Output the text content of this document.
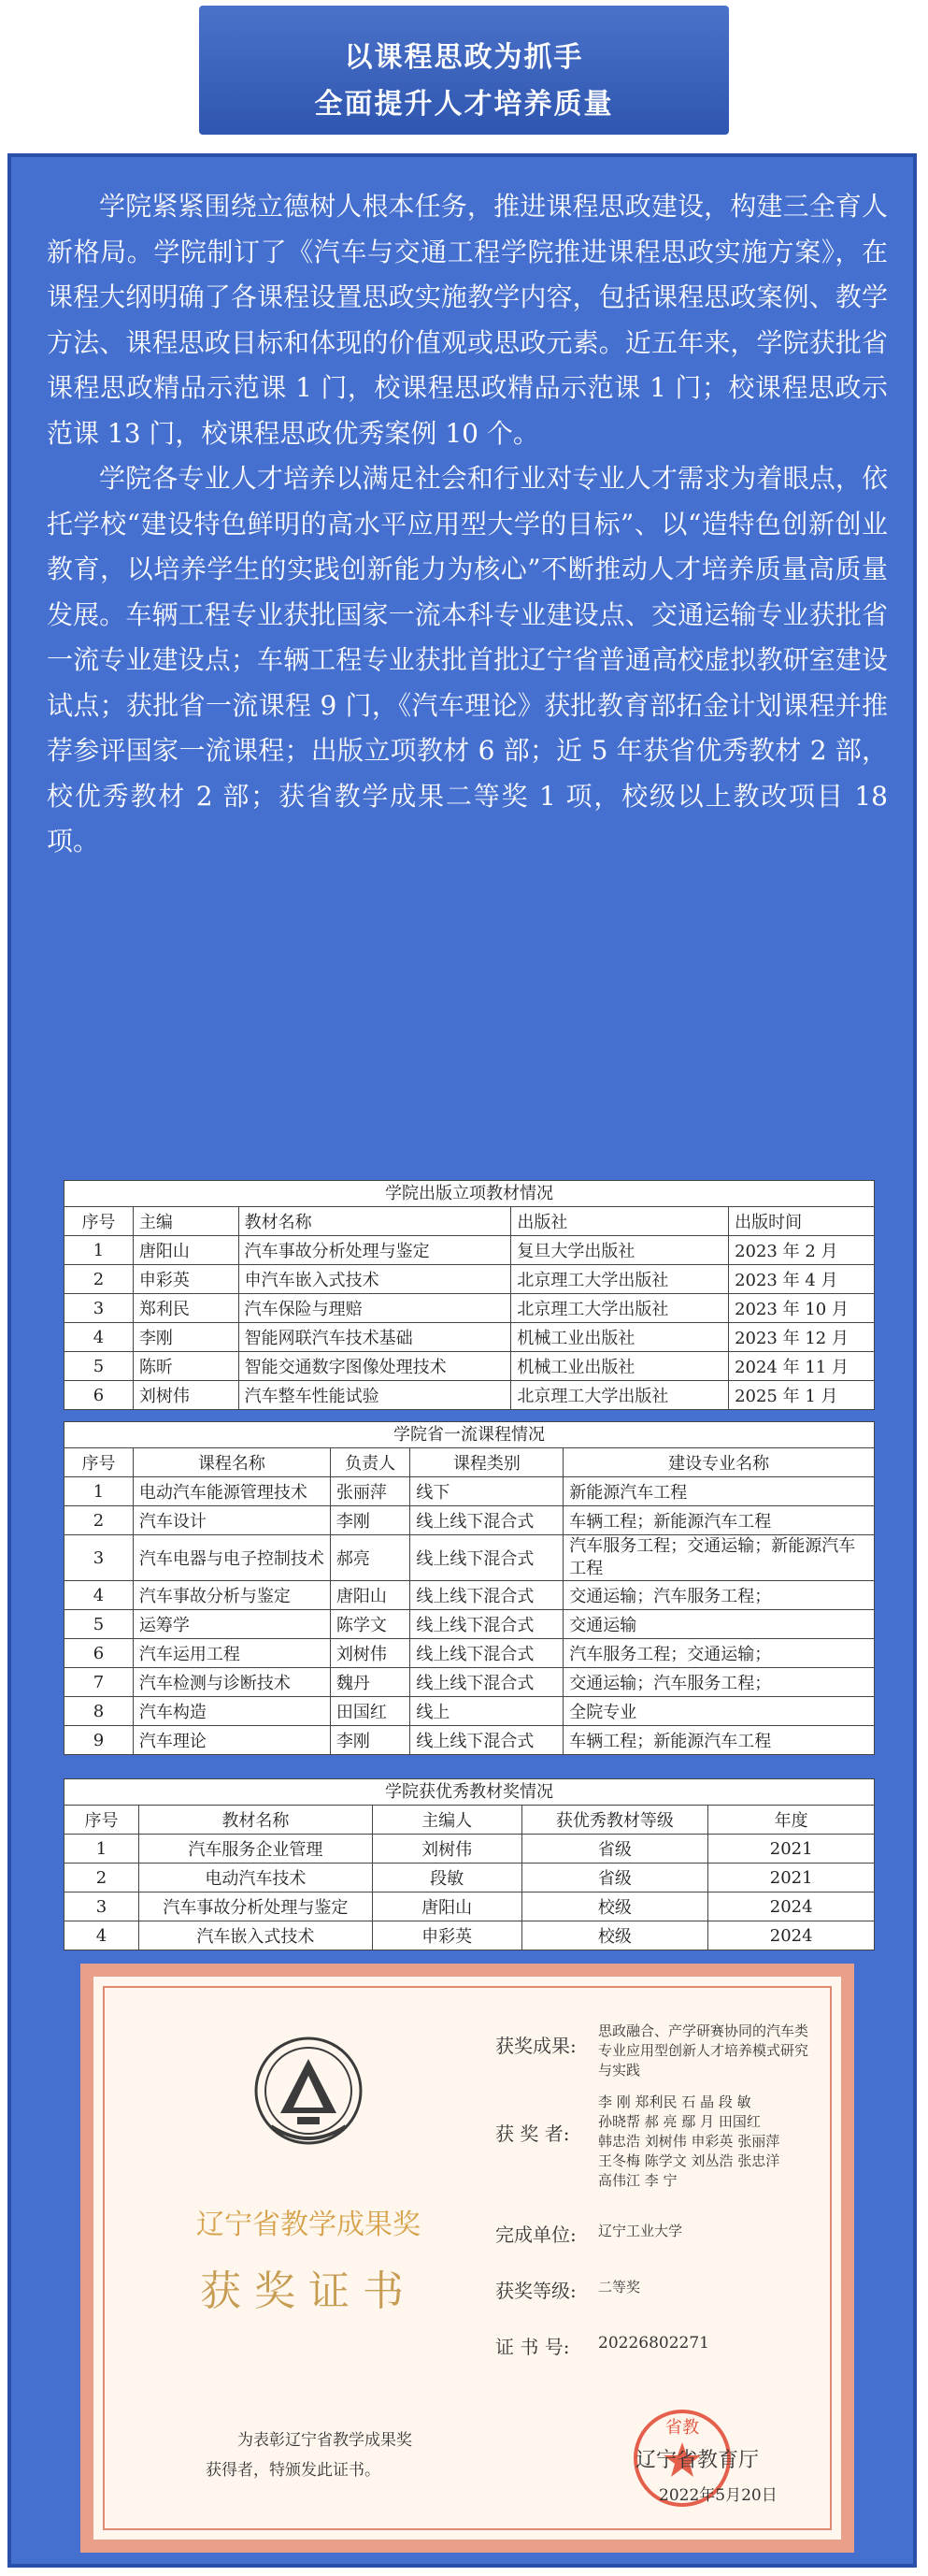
以课程思政为抓手
全面提升人才培养质量

学院紧紧围绕立德树人根本任务，推进课程思政建设，构建三全育人新格局。学院制订了《汽车与交通工程学院推进课程思政实施方案》，在课程大纲明确了各课程设置思政实施教学内容，包括课程思政案例、教学方法、课程思政目标和体现的价值观或思政元素。近五年来，学院获批省课程思政精品示范课 1 门，校课程思政精品示范课 1 门；校课程思政示范课 13 门，校课程思政优秀案例 10 个。

学院各专业人才培养以满足社会和行业对专业人才需求为着眼点，依托学校“建设特色鲜明的高水平应用型大学的目标”、以“造特色创新创业教育，以培养学生的实践创新能力为核心”不断推动人才培养质量高质量发展。车辆工程专业获批国家一流本科专业建设点、交通运输专业获批省一流专业建设点；车辆工程专业获批首批辽宁省普通高校虚拟教研室建设试点；获批省一流课程 9 门，《汽车理论》获批教育部拓金计划课程并推荐参评国家一流课程；出版立项教材 6 部；近 5 年获省优秀教材 2 部，校优秀教材 2 部；获省教学成果二等奖 1 项，校级以上教改项目 18 项。

学院出版立项教材情况
序号	主编	教材名称	出版社	出版时间
1	唐阳山	汽车事故分析处理与鉴定	复旦大学出版社	2023 年 2 月
2	申彩英	申汽车嵌入式技术	北京理工大学出版社	2023 年 4 月
3	郑利民	汽车保险与理赔	北京理工大学出版社	2023 年 10 月
4	李刚	智能网联汽车技术基础	机械工业出版社	2023 年 12 月
5	陈昕	智能交通数字图像处理技术	机械工业出版社	2024 年 11 月
6	刘树伟	汽车整车性能试验	北京理工大学出版社	2025 年 1 月
学院省一流课程情况
序号	课程名称	负责人	课程类别	建设专业名称
1	电动汽车能源管理技术	张丽萍	线下	新能源汽车工程
2	汽车设计	李刚	线上线下混合式	车辆工程；新能源汽车工程
3	汽车电器与电子控制技术	郝亮	线上线下混合式	汽车服务工程；交通运输；新能源汽车工程
4	汽车事故分析与鉴定	唐阳山	线上线下混合式	交通运输；汽车服务工程；
5	运筹学	陈学文	线上线下混合式	交通运输
6	汽车运用工程	刘树伟	线上线下混合式	汽车服务工程；交通运输；
7	汽车检测与诊断技术	魏丹	线上线下混合式	交通运输；汽车服务工程；
8	汽车构造	田国红	线上	全院专业
9	汽车理论	李刚	线上线下混合式	车辆工程；新能源汽车工程
学院获优秀教材奖情况
序号	教材名称	主编人	获优秀教材等级	年度
1	汽车服务企业管理	刘树伟	省级	2021
2	电动汽车技术	段敏	省级	2021
3	汽车事故分析处理与鉴定	唐阳山	校级	2024
4	汽车嵌入式技术	申彩英	校级	2024
辽宁省教学成果奖
获奖证书
获奖成果:
思政融合、产学研赛协同的汽车类专业应用型创新人才培养模式研究与实践
获 奖 者:
李 刚 郑利民 石 晶 段 敏
孙晓帮 郝 亮 鄢 月 田国红
韩忠浩 刘树伟 申彩英 张丽萍
王冬梅 陈学文 刘丛浩 张忠洋
高伟江 李 宁
完成单位: 辽宁工业大学
获奖等级: 二等奖
证 书 号: 20226802271
为表彰辽宁省教学成果奖
获得者，特颁发此证书。
省教
辽宁省教育厅
2022年5月20日
